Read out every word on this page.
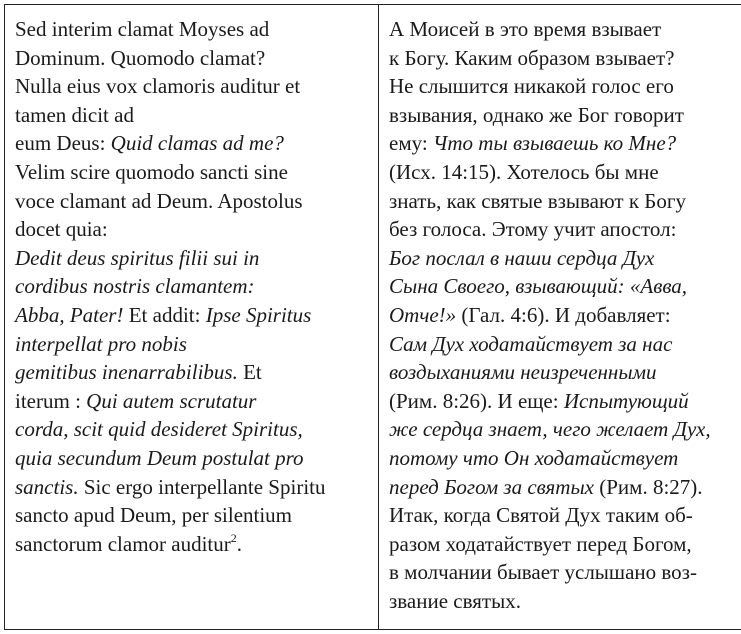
Sed interim clamat Moyses ad
Dominum. Quomodo clamat?
Nulla eius vox clamoris auditur et
tamen dicit ad
eum Deus: Quid clamas ad me?
Velim scire quomodo sancti sine
voce clamant ad Deum. Apostolus
docet quia:
Dedit deus spiritus filii sui in
cordibus nostris clamantem:
Abba, Pater! Et addit: Ipse Spiritus
interpellat pro nobis
gemitibus inenarrabilibus. Et
iterum : Qui autem scrutatur
corda, scit quid desideret Spiritus,
quia secundum Deum postulat pro
sanctis. Sic ergo interpellante Spiritu
sancto apud Deum, per silentium
sanctorum clamor auditur$^2$.

А Моисей в это время взывает
к Богу. Каким образом взывает?
Не слышится никакой голос его
взывания, однако же Бог говорит
ему: Что ты взываешь ко Мне?
(Исх. 14:15). Хотелось бы мне
знать, как святые взывают к Богу
без голоса. Этому учит апостол:
Бог послал в наши сердца Дух
Сына Своего, взывающий: «Авва,
Отче!» (Гал. 4:6). И добавляет:
Сам Дух ходатайствует за нас
воздыханиями неизреченными
(Рим. 8:26). И еще: Испытующий
же сердца знает, чего желает Дух,
потому что Он ходатайствует
перед Богом за святых (Рим. 8:27).
Итак, когда Святой Дух таким об-
разом ходатайствует перед Богом,
в молчании бывает услышано воз-
звание святых.
